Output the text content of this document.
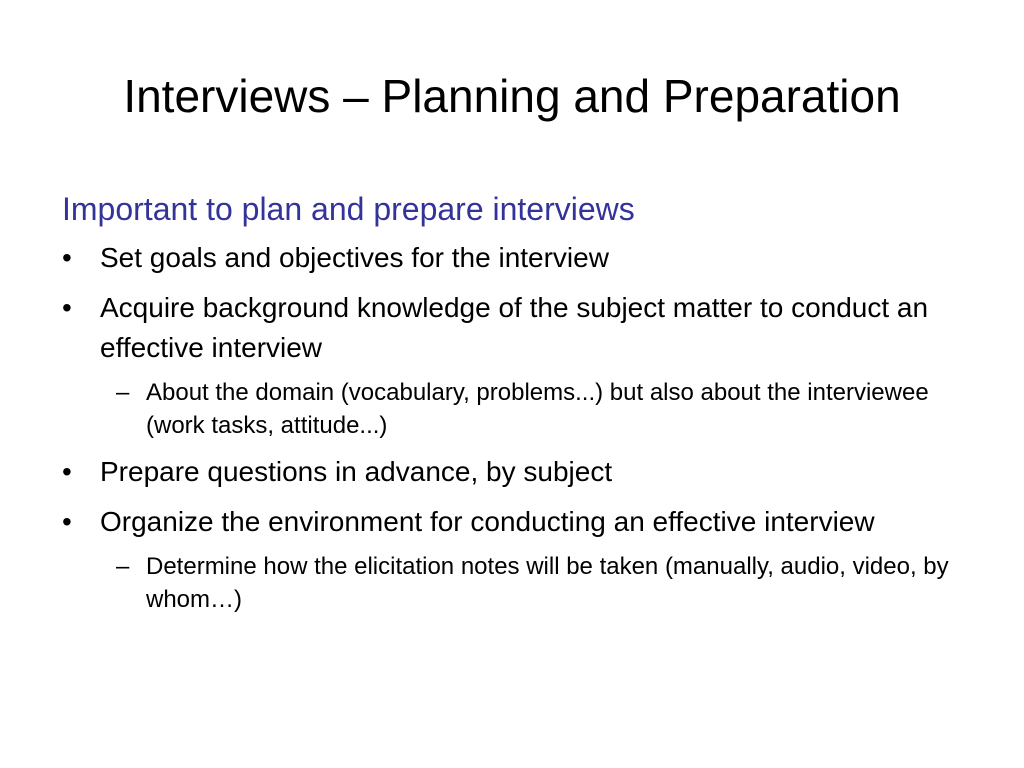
Interviews – Planning and Preparation

Important to plan and prepare interviews

• Set goals and objectives for the interview
• Acquire background knowledge of the subject matter to conduct an effective interview
– About the domain (vocabulary, problems...) but also about the interviewee (work tasks, attitude...)
• Prepare questions in advance, by subject
• Organize the environment for conducting an effective interview
– Determine how the elicitation notes will be taken (manually, audio, video, by whom…)
